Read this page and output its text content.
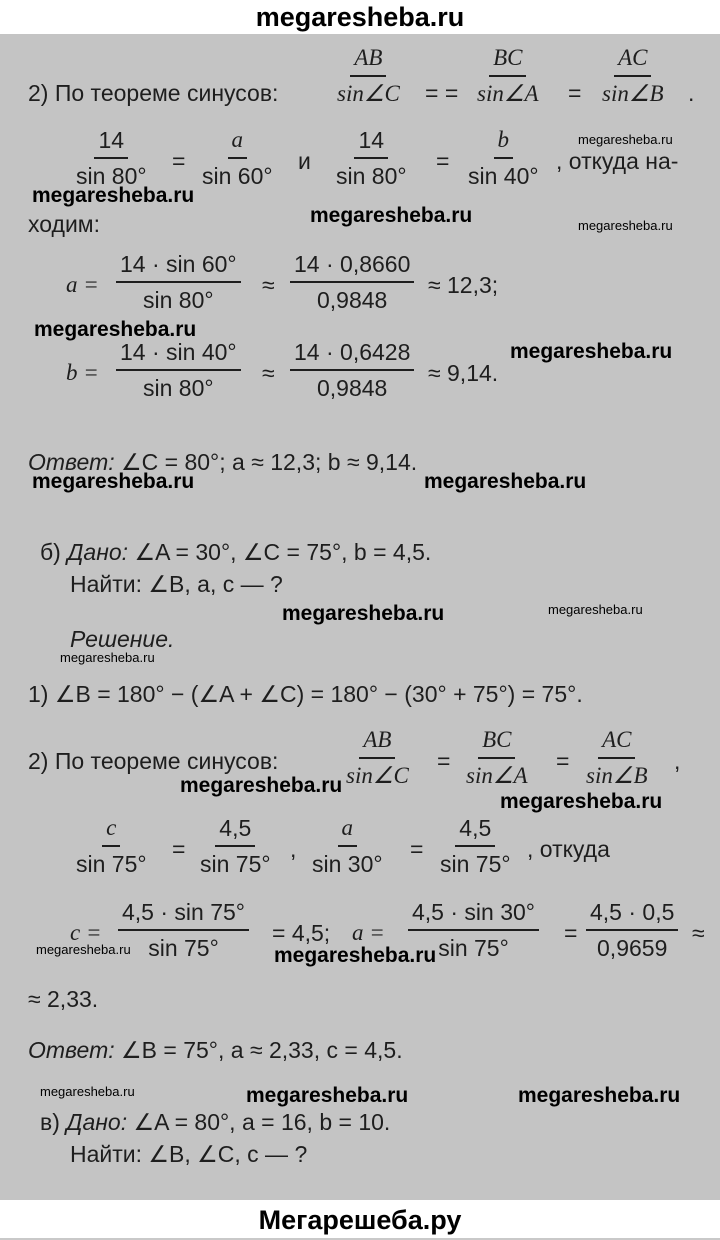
megaresheba.ru
2) По теореме синусов: $\frac{AB}{\sin\angle C}$ = = $\frac{BC}{\sin\angle A} = \frac{AC}{\sin\angle B}$ .
$\frac{14}{\sin 80^\circ} = \frac{a}{\sin 60^\circ}$ и $\frac{14}{\sin 80^\circ} = \frac{b}{\sin 40^\circ}$ , откуда на-
ходим:
$a = \frac{14 \cdot \sin 60^\circ}{\sin 80^\circ} \approx \frac{14 \cdot 0,8660}{0,9848} \approx 12,3$;
$b = \frac{14 \cdot \sin 40^\circ}{\sin 80^\circ} \approx \frac{14 \cdot 0,6428}{0,9848} \approx 9,14$.
Ответ: ∠C = 80°; a ≈ 12,3; b ≈ 9,14.
б) Дано: ∠A = 30°, ∠C = 75°, b = 4,5.
Найти: ∠B, a, c — ?
Решение.
1) ∠B = 180° − (∠A + ∠C) = 180° − (30° + 75°) = 75°.
2) По теореме синусов:	$\frac{AB}{\sin\angle C} = \frac{BC}{\sin\angle A} = \frac{AC}{\sin\angle B}$ ,
$\frac{c}{\sin 75^\circ} = \frac{4,5}{\sin 75^\circ}$ , $\frac{a}{\sin 30^\circ} = \frac{4,5}{\sin 75^\circ}$ , откуда
$c = \frac{4,5 \cdot \sin 75^\circ}{\sin 75^\circ} = 4,5$; $a = \frac{4,5 \cdot \sin 30^\circ}{\sin 75^\circ} = \frac{4,5 \cdot 0,5}{0,9659}$ ≈
≈ 2,33.
Ответ: ∠B = 75°, a ≈ 2,33, c = 4,5.
в) Дано: ∠A = 80°, a = 16, b = 10.
Найти: ∠B, ∠C, c — ?
megaresheba.ru
megaresheba.ru
megaresheba.ru	megaresheba.ru
megaresheba.ru
megaresheba.ru
megaresheba.ru	megaresheba.ru
megaresheba.ru	megaresheba.ru
megaresheba.ru
megaresheba.ru
megaresheba.ru
megaresheba.ru	megaresheba.ru
megaresheba.ru	megaresheba.ru	megaresheba.ru
Мегарешеба.ру
